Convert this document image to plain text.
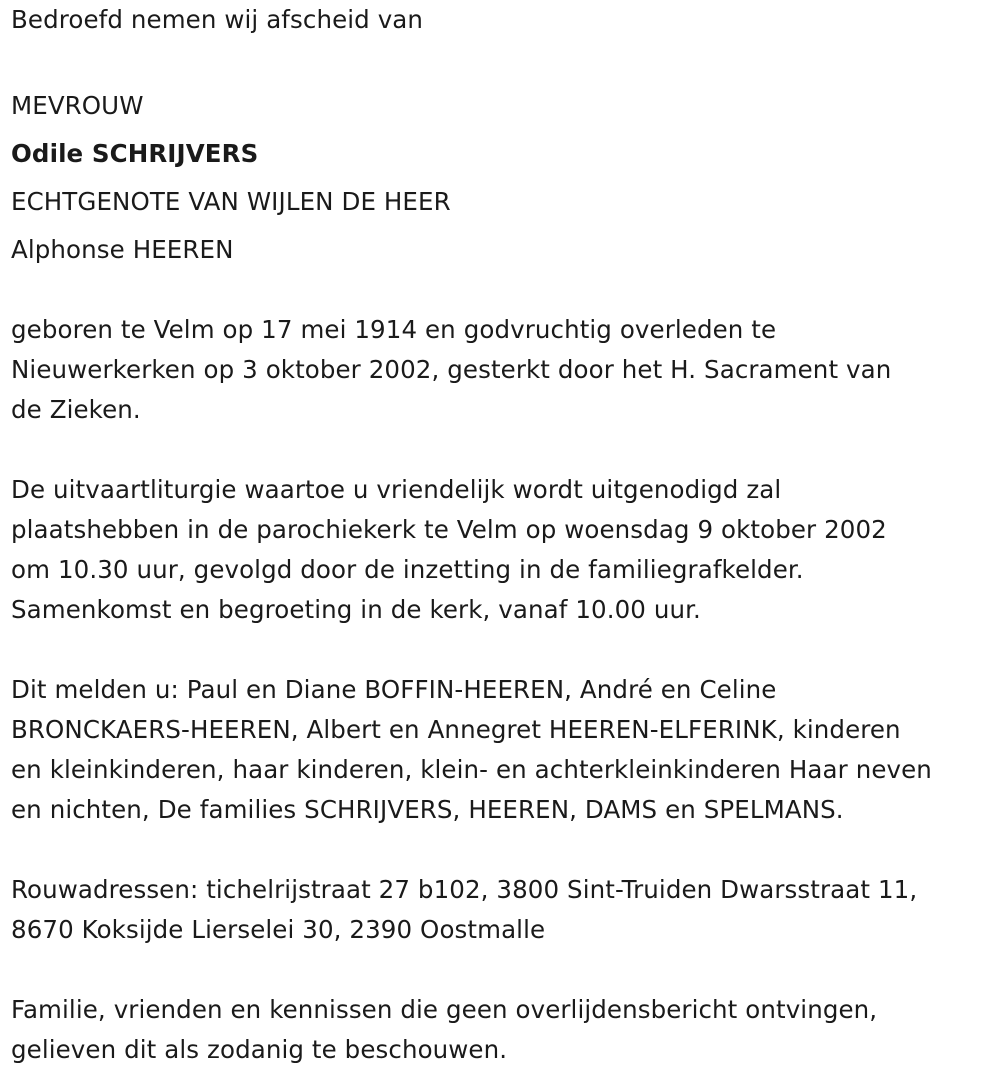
Bedroefd nemen wij afscheid van
MEVROUW
Odile SCHRIJVERS
ECHTGENOTE VAN WIJLEN DE HEER
Alphonse HEEREN
geboren te Velm op 17 mei 1914 en godvruchtig overleden te
Nieuwerkerken op 3 oktober 2002, gesterkt door het H. Sacrament van
de Zieken.
De uitvaartliturgie waartoe u vriendelijk wordt uitgenodigd zal
plaatshebben in de parochiekerk te Velm op woensdag 9 oktober 2002
om 10.30 uur, gevolgd door de inzetting in de familiegrafkelder.
Samenkomst en begroeting in de kerk, vanaf 10.00 uur.
Dit melden u: Paul en Diane BOFFIN-HEEREN, André en Celine
BRONCKAERS-HEEREN, Albert en Annegret HEEREN-ELFERINK, kinderen
en kleinkinderen, haar kinderen, klein- en achterkleinkinderen Haar neven
en nichten, De families SCHRIJVERS, HEEREN, DAMS en SPELMANS.
Rouwadressen: tichelrijstraat 27 b102, 3800 Sint-Truiden Dwarsstraat 11,
8670 Koksijde Lierselei 30, 2390 Oostmalle
Familie, vrienden en kennissen die geen overlijdensbericht ontvingen,
gelieven dit als zodanig te beschouwen.
